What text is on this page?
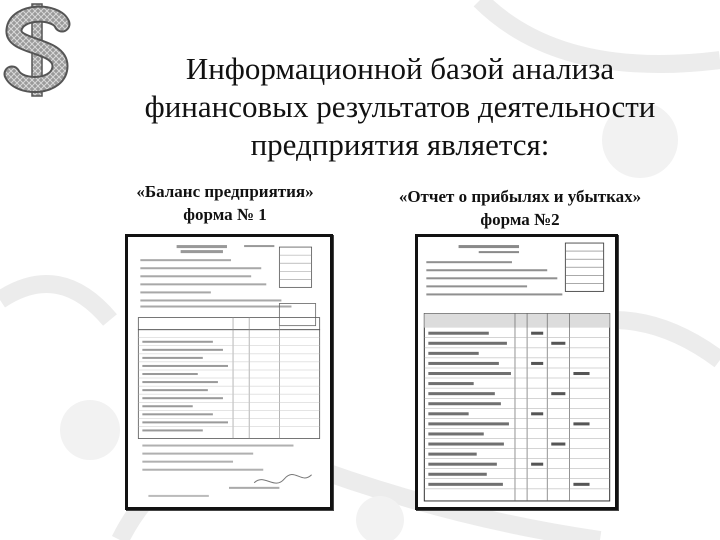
Информационной базой анализа
финансовых результатов деятельности
предприятия является:
«Баланс предприятия»
форма № 1
«Отчет о прибылях и убытках»
форма №2
